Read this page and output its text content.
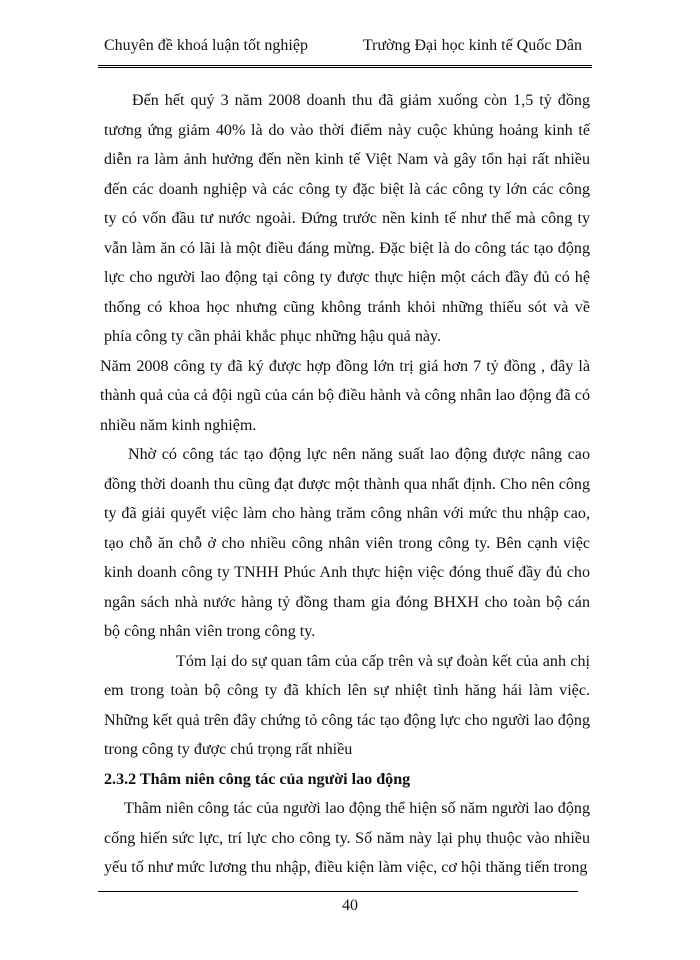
Chuyên đề khoá luận tốt nghiệp	Trường Đại học kinh tế Quốc Dân

Đến hết quý 3 năm 2008 doanh thu đã giảm xuống còn 1,5 tỷ đồng tương ứng giảm 40% là do vào thời điểm này cuộc khủng hoảng kinh tế diễn ra làm ảnh hưởng đến nền kinh tế Việt Nam và gây tổn hại rất nhiều đến các doanh nghiệp và các công ty đặc biệt là các công ty lớn các công ty có vốn đầu tư nước ngoài. Đứng trước nền kinh tế như thế mà công ty vẫn làm ăn có lãi là một điều đáng mừng. Đặc biệt là do công tác tạo động lực cho người lao động tại công ty được thực hiện một cách đầy đủ có hệ thống có khoa học nhưng cũng không tránh khỏi những thiếu sót và về phía công ty cần phải khắc phục những hậu quả này.

Năm 2008 công ty đã ký được hợp đồng lớn trị giá hơn 7 tỷ đồng , đây là thành quả của cả đội ngũ của cán bộ điều hành và công nhân lao động đã có nhiều năm kinh nghiệm.

Nhờ có công tác tạo động lực nên năng suất lao động được nâng cao đồng thời doanh thu cũng đạt được một thành qua nhất định. Cho nên công ty đã giải quyết việc làm cho hàng trăm công nhân với mức thu nhập cao, tạo chỗ ăn chỗ ở cho nhiều công nhân viên trong công ty. Bên cạnh việc kinh doanh công ty TNHH Phúc Anh thực hiện việc đóng thuế đầy đủ cho ngân sách nhà nước hàng tỷ đồng tham gia đóng BHXH cho toàn bộ cán bộ công nhân viên trong công ty.

Tóm lại do sự quan tâm của cấp trên và sự đoàn kết của anh chị em trong toàn bộ công ty đã khích lên sự nhiệt tình hăng hái làm việc. Những kết quả trên đây chứng tỏ công tác tạo động lực cho người lao động trong công ty được chú trọng rất nhiều

2.3.2 Thâm niên công tác của người lao động

Thâm niên công tác của người lao động thể hiện số năm người lao động cống hiến sức lực, trí lực cho công ty. Số năm này lại phụ thuộc vào nhiều yếu tố như mức lương thu nhập, điều kiện làm việc, cơ hội thăng tiến trong

40
